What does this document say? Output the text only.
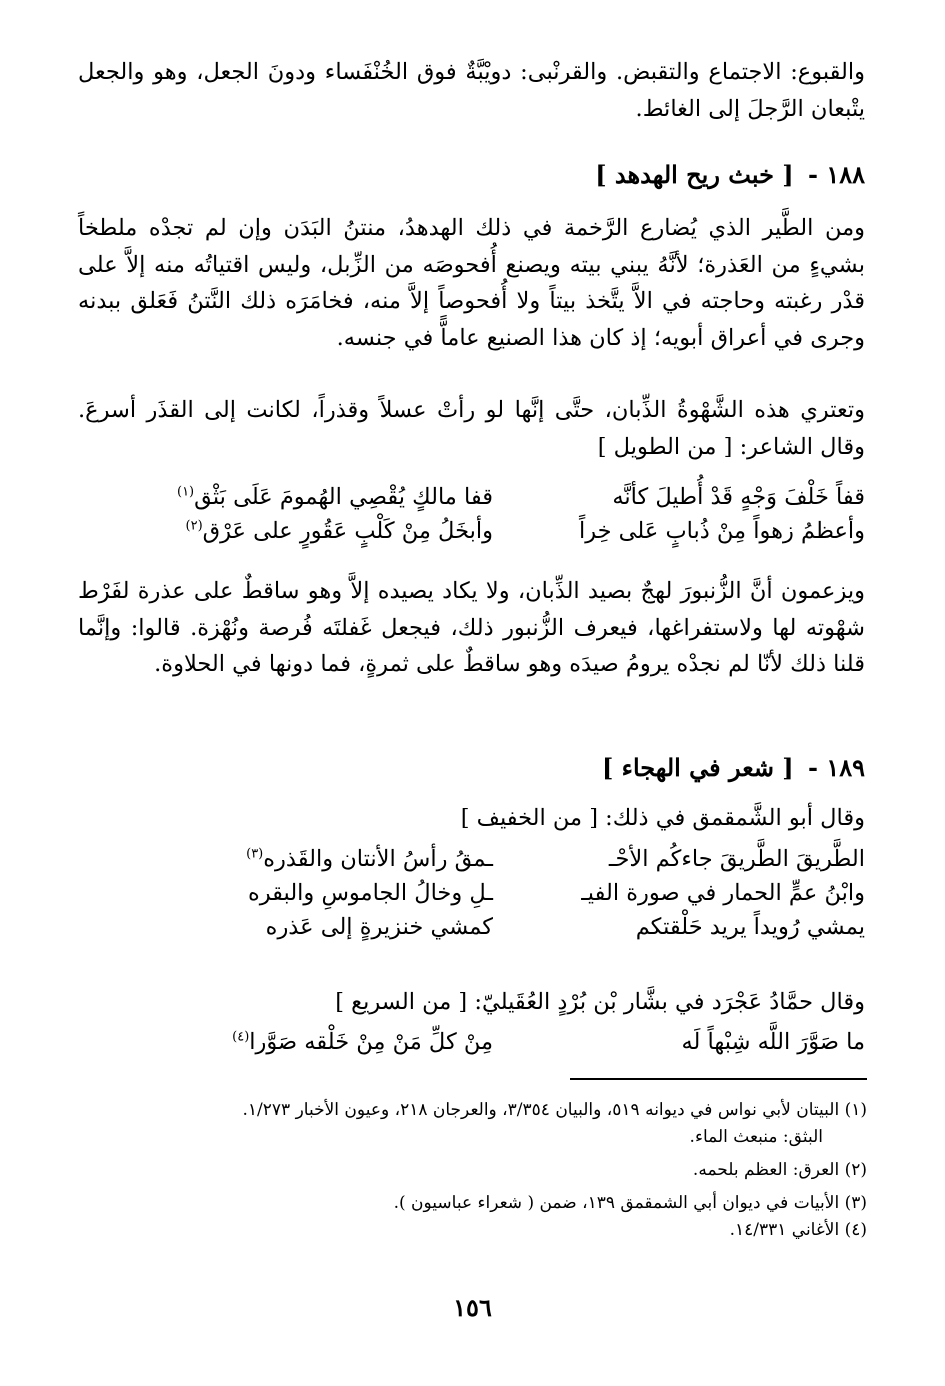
والقبوع: الاجتماع والتقبض. والقرنْبى: دويْبَّةٌ فوق الخُنْفَساء ودونَ الجعل، وهو والجعل يتْبعان الرَّجلَ إلى الغائط.

١٨٨ - [ خبث ريح الهدهد ]

ومن الطَّير الذي يُضارع الرَّخمة في ذلك الهدهدُ، منتنُ البَدَن وإن لم تجدْه ملطخاً بشيءٍ من العَذرة؛ لأنَّهُ يبني بيته ويصنع أُفحوصَه من الزِّبل، وليس اقتياتُه منه إلاَّ على قدْر رغبته وحاجته في الاَّ يتَّخذ بيتاً ولا أُفحوصاً إلاَّ منه، فخامَرَه ذلك النَّتنُ فَعَلق ببدنه وجرى في أعراق أبويه؛ إذ كان هذا الصنيع عاماًّ في جنسه.

وتعتري هذه الشَّهْوةُ الذِّبان، حتَّى إنَّها لو رأتْ عسلاً وقذراً، لكانت إلى القذَر أسرعَ. وقال الشاعر: [ من الطويل ]

قفاً خَلْفَ وَجْهٍ قَدْ أُطيلَ كأنَّه
قفا مالكٍ يُقْصِي الهُمومَ عَلَى بَثْق$^{(١)}$
وأعظمُ زهواً مِنْ ذُبابٍ عَلى خِراً
وأبخَلُ مِنْ كَلْبٍ عَقُورٍ على عَرْق$^{(٢)}$

ويزعمون أنَّ الزُّنبورَ لهجٌ بصيد الذِّبان، ولا يكاد يصيده إلاَّ وهو ساقطٌ على عذرة لفَرْط شهْوته لها ولاستفراغها، فيعرف الزُّنبور ذلك، فيجعل غَفلتَه فُرصة ونُهْزة. قالوا: وإنَّما قلنا ذلك لأنّا لم نجدْه يرومُ صيدَه وهو ساقطٌ على ثمرةٍ، فما دونها في الحلاوة.

١٨٩ - [ شعر في الهجاء ]

وقال أبو الشَّمقمق في ذلك: [ من الخفيف ]

الطَّريقَ الطَّريقَ جاءكُم الأحْـ
ـمقُ رأسُ الأنتان والقَذره$^{(٣)}$
وابْنُ عمٍّ الحمار في صورة الفيـ
ـلِ وخالُ الجاموسِ والبقره
يمشي رُويداً يريد حَلْقتكم
كمشي خنزيرةٍ إلى عَذره

وقال حمَّادُ عَجْرَد في بشَّار بْن بُرْدٍ العُقَيليّ: [ من السريع ]

ما صَوَّرَ اللَّه شِبْهاً لَه
مِنْ كلِّ مَنْ مِنْ خَلْقه صَوَّرا$^{(٤)}$

(١) البيتان لأبي نواس في ديوانه ٥١٩، والبيان ٣/٣٥٤، والعرجان ٢١٨، وعيون الأخبار ١/٢٧٣.

البثق: منبعث الماء.

(٢) العرق: العظم بلحمه.

(٣) الأبيات في ديوان أبي الشمقمق ١٣٩، ضمن ( شعراء عباسيون ).

(٤) الأغاني ١٤/٣٣١.

١٥٦
